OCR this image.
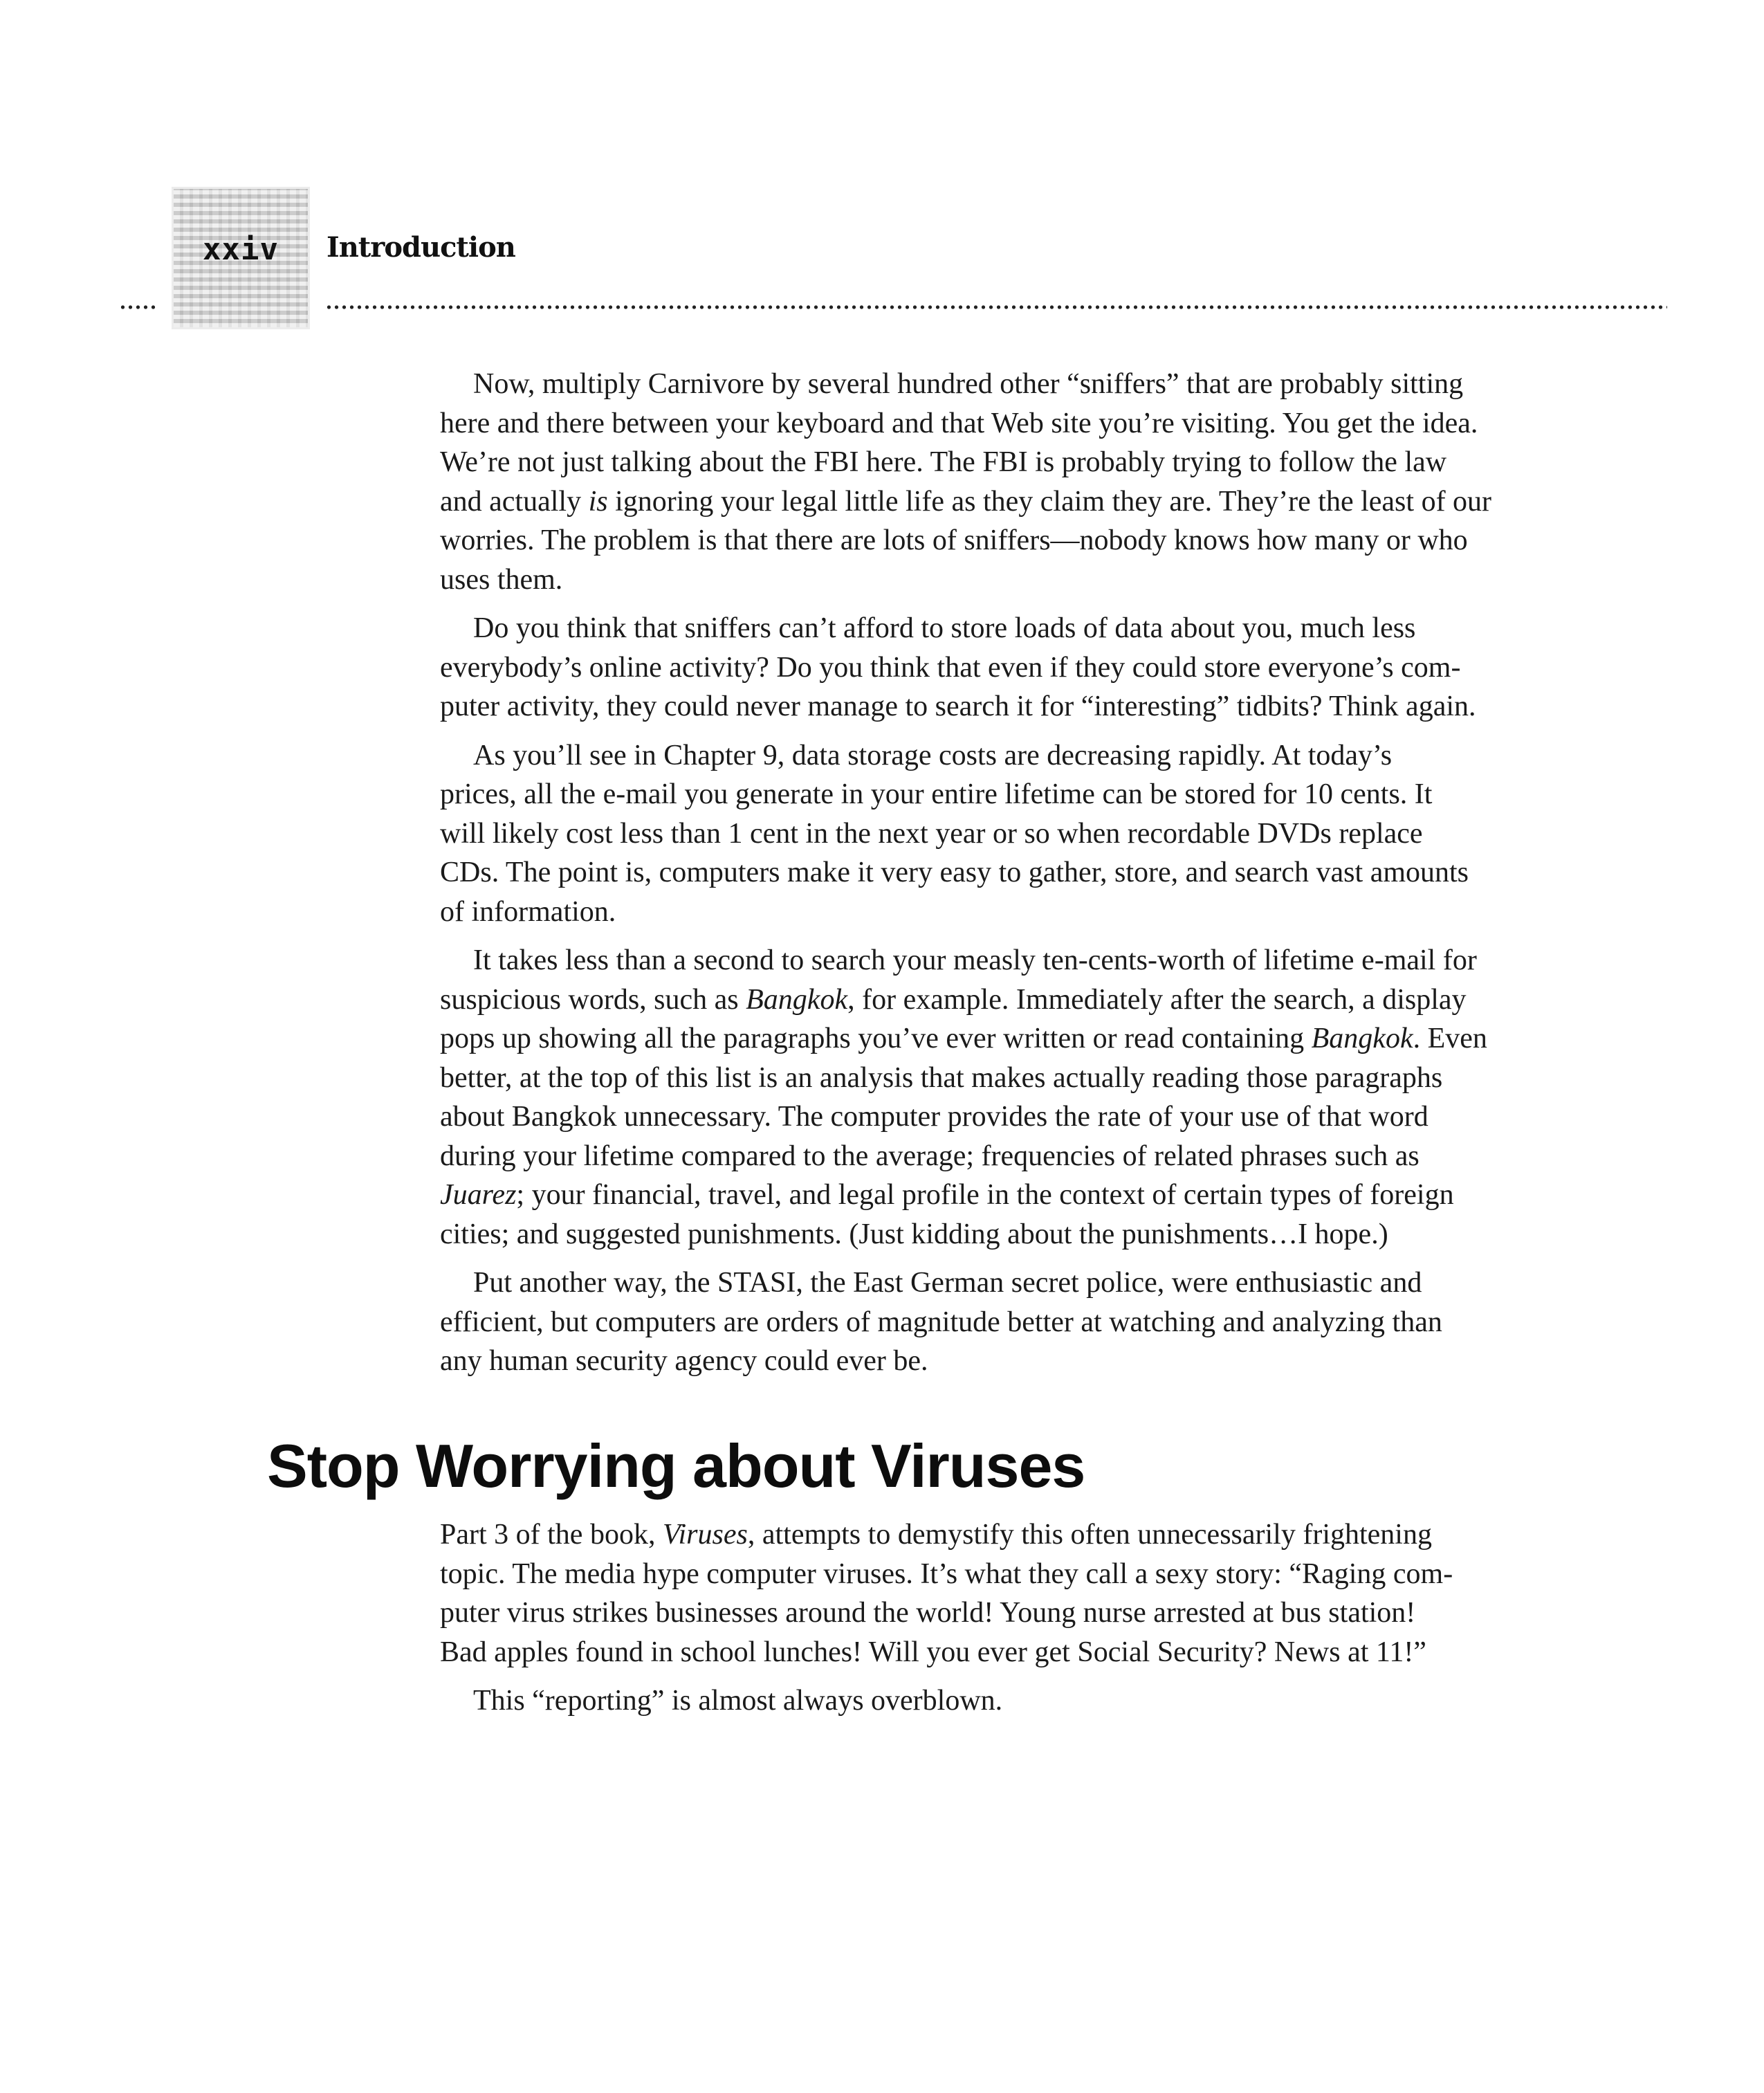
xxiv	Introduction

Now, multiply Carnivore by several hundred other “sniffers” that are probably sitting
here and there between your keyboard and that Web site you’re visiting. You get the idea.
We’re not just talking about the FBI here. The FBI is probably trying to follow the law
and actually is ignoring your legal little life as they claim they are. They’re the least of our
worries. The problem is that there are lots of sniffers—nobody knows how many or who
uses them.

Do you think that sniffers can’t afford to store loads of data about you, much less
everybody’s online activity? Do you think that even if they could store everyone’s com-
puter activity, they could never manage to search it for “interesting” tidbits? Think again.

As you’ll see in Chapter 9, data storage costs are decreasing rapidly. At today’s
prices, all the e-mail you generate in your entire lifetime can be stored for 10 cents. It
will likely cost less than 1 cent in the next year or so when recordable DVDs replace
CDs. The point is, computers make it very easy to gather, store, and search vast amounts
of information.

It takes less than a second to search your measly ten-cents-worth of lifetime e-mail for
suspicious words, such as Bangkok, for example. Immediately after the search, a display
pops up showing all the paragraphs you’ve ever written or read containing Bangkok. Even
better, at the top of this list is an analysis that makes actually reading those paragraphs
about Bangkok unnecessary. The computer provides the rate of your use of that word
during your lifetime compared to the average; frequencies of related phrases such as
Juarez; your financial, travel, and legal profile in the context of certain types of foreign
cities; and suggested punishments. (Just kidding about the punishments…I hope.)

Put another way, the STASI, the East German secret police, were enthusiastic and
efficient, but computers are orders of magnitude better at watching and analyzing than
any human security agency could ever be.

Stop Worrying about Viruses

Part 3 of the book, Viruses, attempts to demystify this often unnecessarily frightening
topic. The media hype computer viruses. It’s what they call a sexy story: “Raging com-
puter virus strikes businesses around the world! Young nurse arrested at bus station!
Bad apples found in school lunches! Will you ever get Social Security? News at 11!”

This “reporting” is almost always overblown.
